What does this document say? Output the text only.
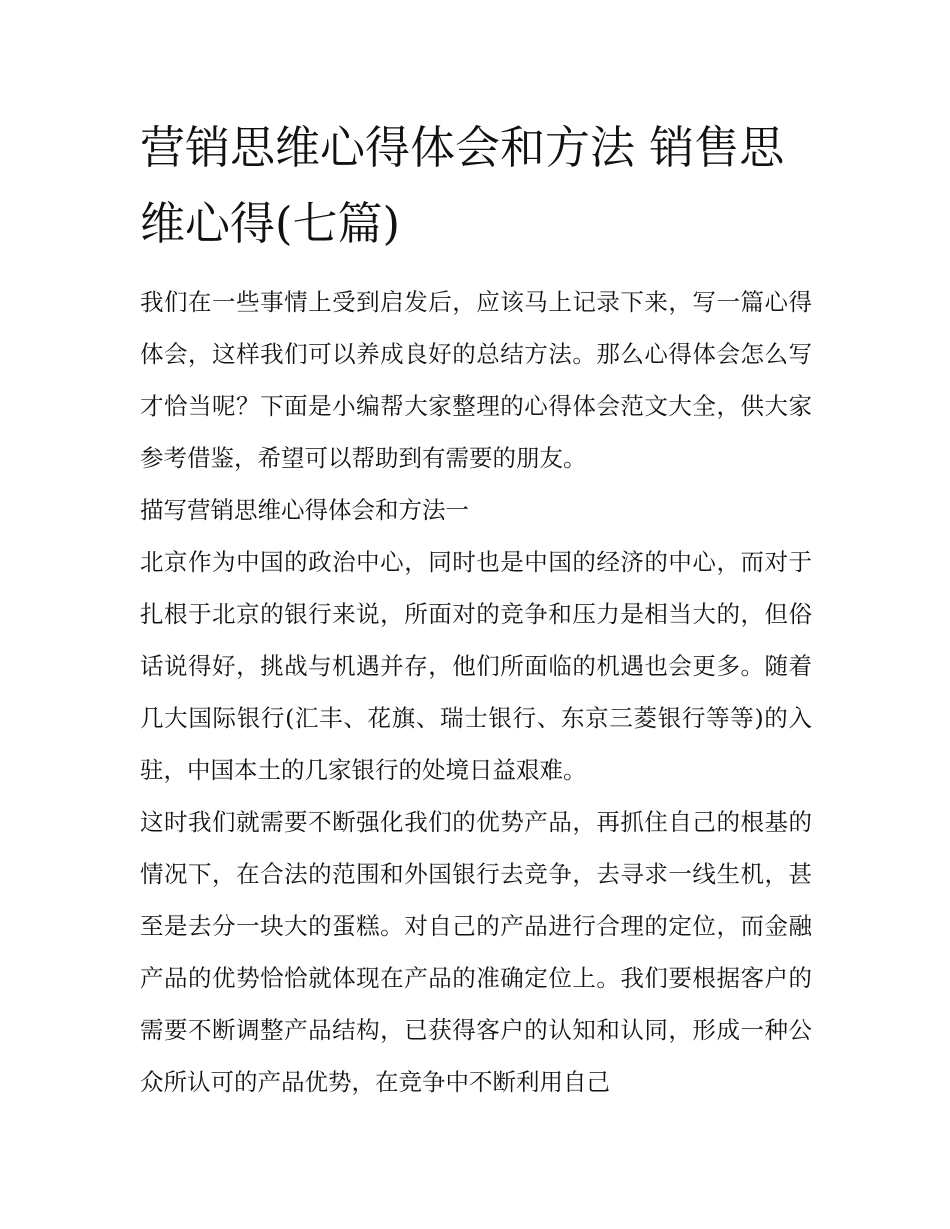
营销思维心得体会和方法 销售思维心得(七篇)

我们在一些事情上受到启发后，应该马上记录下来，写一篇心得体会，这样我们可以养成良好的总结方法。那么心得体会怎么写才恰当呢？下面是小编帮大家整理的心得体会范文大全，供大家参考借鉴，希望可以帮助到有需要的朋友。

描写营销思维心得体会和方法一

北京作为中国的政治中心，同时也是中国的经济的中心，而对于扎根于北京的银行来说，所面对的竞争和压力是相当大的，但俗话说得好，挑战与机遇并存，他们所面临的机遇也会更多。随着几大国际银行(汇丰、花旗、瑞士银行、东京三菱银行等等)的入驻，中国本土的几家银行的处境日益艰难。

这时我们就需要不断强化我们的优势产品，再抓住自己的根基的情况下，在合法的范围和外国银行去竞争，去寻求一线生机，甚至是去分一块大的蛋糕。对自己的产品进行合理的定位，而金融产品的优势恰恰就体现在产品的准确定位上。我们要根据客户的需要不断调整产品结构，已获得客户的认知和认同，形成一种公众所认可的产品优势，在竞争中不断利用自己
